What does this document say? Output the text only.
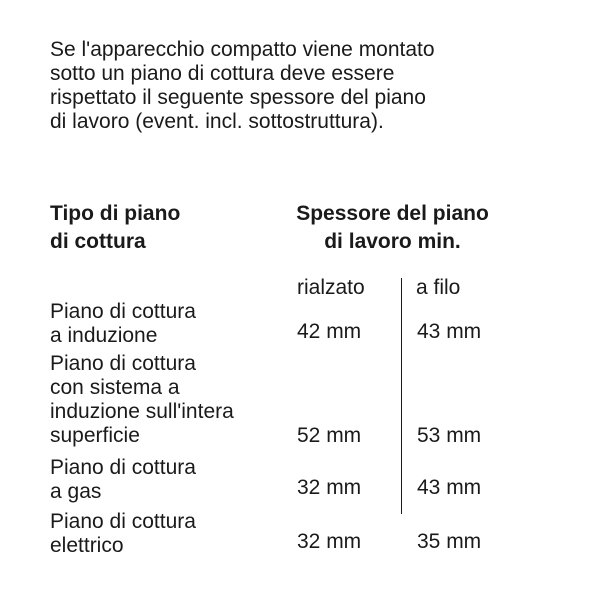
Se l'apparecchio compatto viene montato
sotto un piano di cottura deve essere
rispettato il seguente spessore del piano
di lavoro (event. incl. sottostruttura).
Tipo di piano
di cottura
Spessore del piano
di lavoro min.
rialzato a filo
Piano di cottura
a induzione	42 mm	43 mm
Piano di cottura
con sistema a
induzione sull'intera
superficie	52 mm	53 mm
Piano di cottura
a gas	32 mm	43 mm
Piano di cottura
elettrico	32 mm	35 mm
